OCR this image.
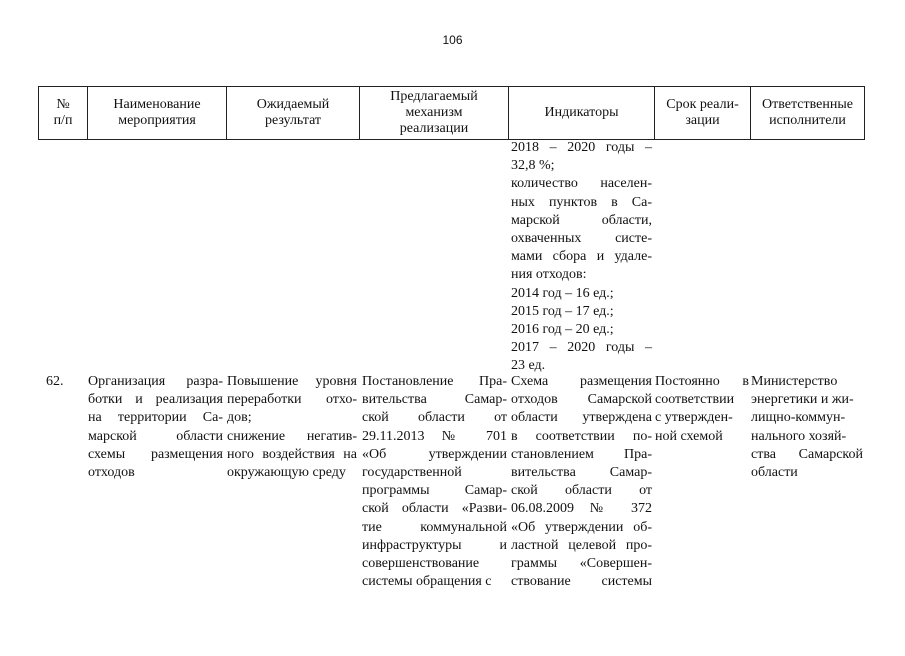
106
№
п/п
Наименование
мероприятия
Ожидаемый
результат
Предлагаемый
механизм
реализации
Индикаторы
Срок реали-
зации
Ответственные
исполнители
2018 – 2020 годы –
32,8 %;
количество населен-
ных пунктов в Са-
марской области,
охваченных систе-
мами сбора и удале-
ния отходов:
2014 год – 16 ед.;
2015 год – 17 ед.;
2016 год – 20 ед.;
2017 – 2020 годы –
23 ед.
62.	Организация разра-
ботки и реализация
на территории Са-
марской области
схемы размещения
отходов
Повышение уровня
переработки отхо-
дов;
снижение негатив-
ного воздействия на
окружающую среду
Постановление Пра-
вительства Самар-
ской области от
29.11.2013 № 701
«Об утверждении
государственной
программы Самар-
ской области «Разви-
тие коммунальной
инфраструктуры и
совершенствование
системы обращения с
Схема размещения
отходов Самарской
области утверждена
в соответствии по-
становлением Пра-
вительства Самар-
ской области от
06.08.2009 № 372
«Об утверждении об-
ластной целевой про-
граммы «Совершен-
ствование системы
Постоянно в
соответствии
с утвержден-
ной схемой
Министерство
энергетики и жи-
лищно-коммун-
нального хозяй-
ства Самарской
области
